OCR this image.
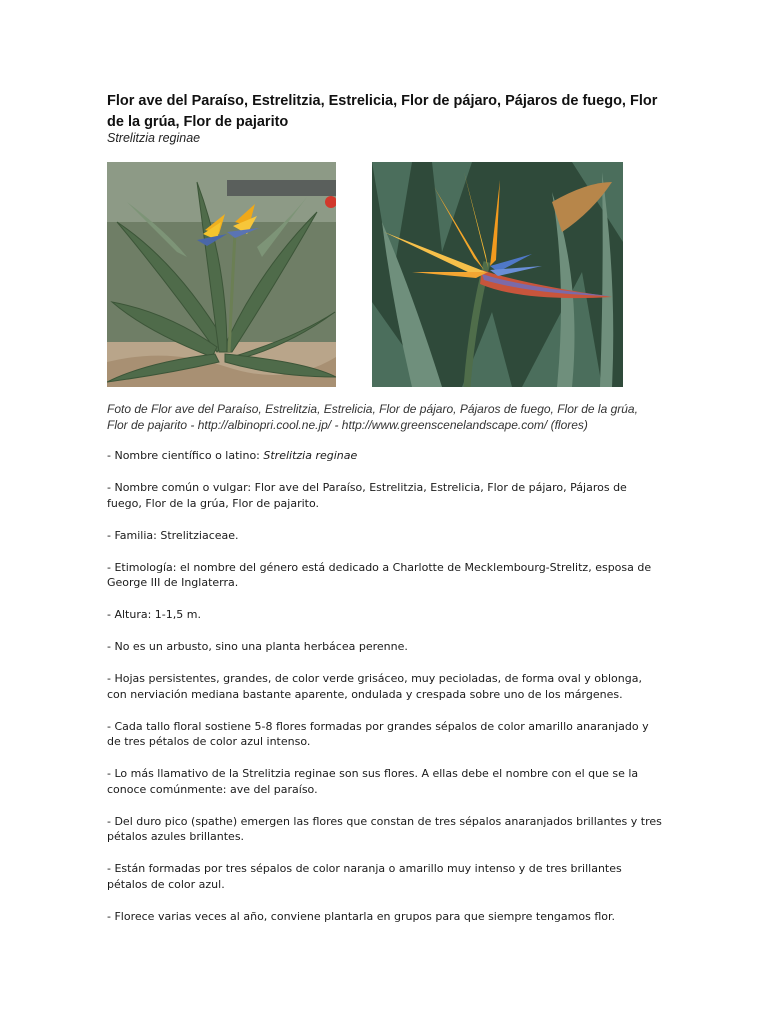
Flor ave del Paraíso, Estrelitzia, Estrelicia, Flor de pájaro, Pájaros de fuego, Flor de la grúa, Flor de pajarito
Strelitzia reginae
Foto de Flor ave del Paraíso, Estrelitzia, Estrelicia, Flor de pájaro, Pájaros de fuego, Flor de la grúa, Flor de pajarito - http://albinopri.cool.ne.jp/ - http://www.greenscenelandscape.com/ (flores)

- Nombre científico o latino: Strelitzia reginae

- Nombre común o vulgar: Flor ave del Paraíso, Estrelitzia, Estrelicia, Flor de pájaro, Pájaros de fuego, Flor de la grúa, Flor de pajarito.

- Familia: Strelitziaceae.

- Etimología: el nombre del género está dedicado a Charlotte de Mecklembourg-Strelitz, esposa de George III de Inglaterra.

- Altura: 1-1,5 m.

- No es un arbusto, sino una planta herbácea perenne.

- Hojas persistentes, grandes, de color verde grisáceo, muy pecioladas, de forma oval y oblonga, con nerviación mediana bastante aparente, ondulada y crespada sobre uno de los márgenes.

- Cada tallo floral sostiene 5-8 flores formadas por grandes sépalos de color amarillo anaranjado y de tres pétalos de color azul intenso.

- Lo más llamativo de la Strelitzia reginae son sus flores. A ellas debe el nombre con el que se la conoce comúnmente: ave del paraíso.

- Del duro pico (spathe) emergen las flores que constan de tres sépalos anaranjados brillantes y tres pétalos azules brillantes.

- Están formadas por tres sépalos de color naranja o amarillo muy intenso y de tres brillantes pétalos de color azul.

- Florece varias veces al año, conviene plantarla en grupos para que siempre tengamos flor.
